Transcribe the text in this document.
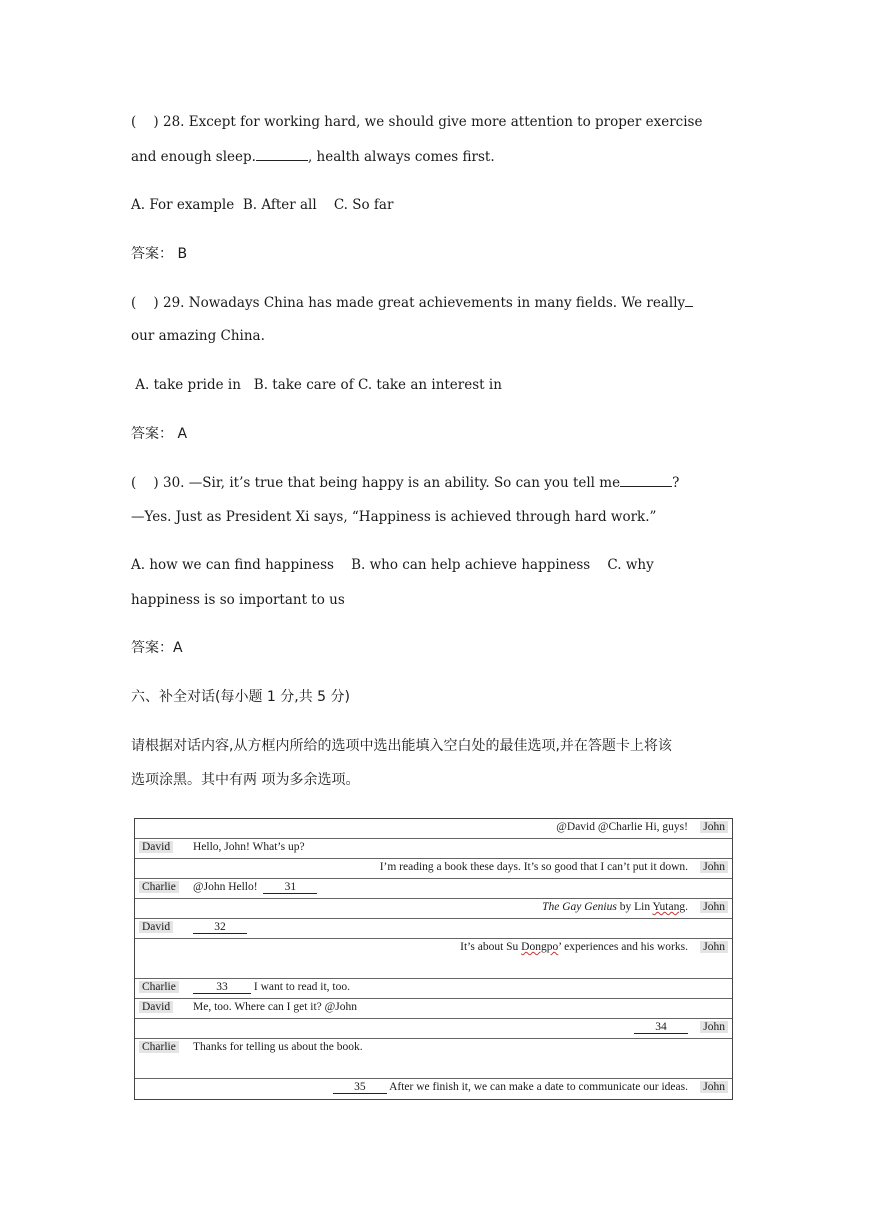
(    ) 28. Except for working hard, we should give more attention to proper exercise
and enough sleep.	, health always comes first.
A. For example  B. After all    C. So far
答案： B
(    ) 29. Nowadays China has made great achievements in many fields. We really
our amazing China.
A. take pride in   B. take care of C. take an interest in
答案： A
(    ) 30. —Sir, it’s true that being happy is an ability. So can you tell me	?
—Yes. Just as President Xi says, “Happiness is achieved through hard work.”
A. how we can find happiness    B. who can help achieve happiness    C. why
happiness is so important to us
答案：A
六、补全对话(每小题 1 分,共 5 分)
请根据对话内容,从方框内所给的选项中选出能填入空白处的最佳选项,并在答题卡上将该
选项涂黑。其中有两 项为多余选项。
@David @Charlie Hi, guys! John
David Hello, John! What’s up?
I’m reading a book these days. It’s so good that I can’t put it down. John
Charlie @John Hello! 31
The Gay Genius by Lin Yutang. John
David	32
It’s about Su Dongpo’ experiences and his works. John
Charlie	33 I want to read it, too.
David Me, too. Where can I get it? @John
34	John
Charlie Thanks for telling us about the book.
35 After we finish it, we can make a date to communicate our ideas. John
